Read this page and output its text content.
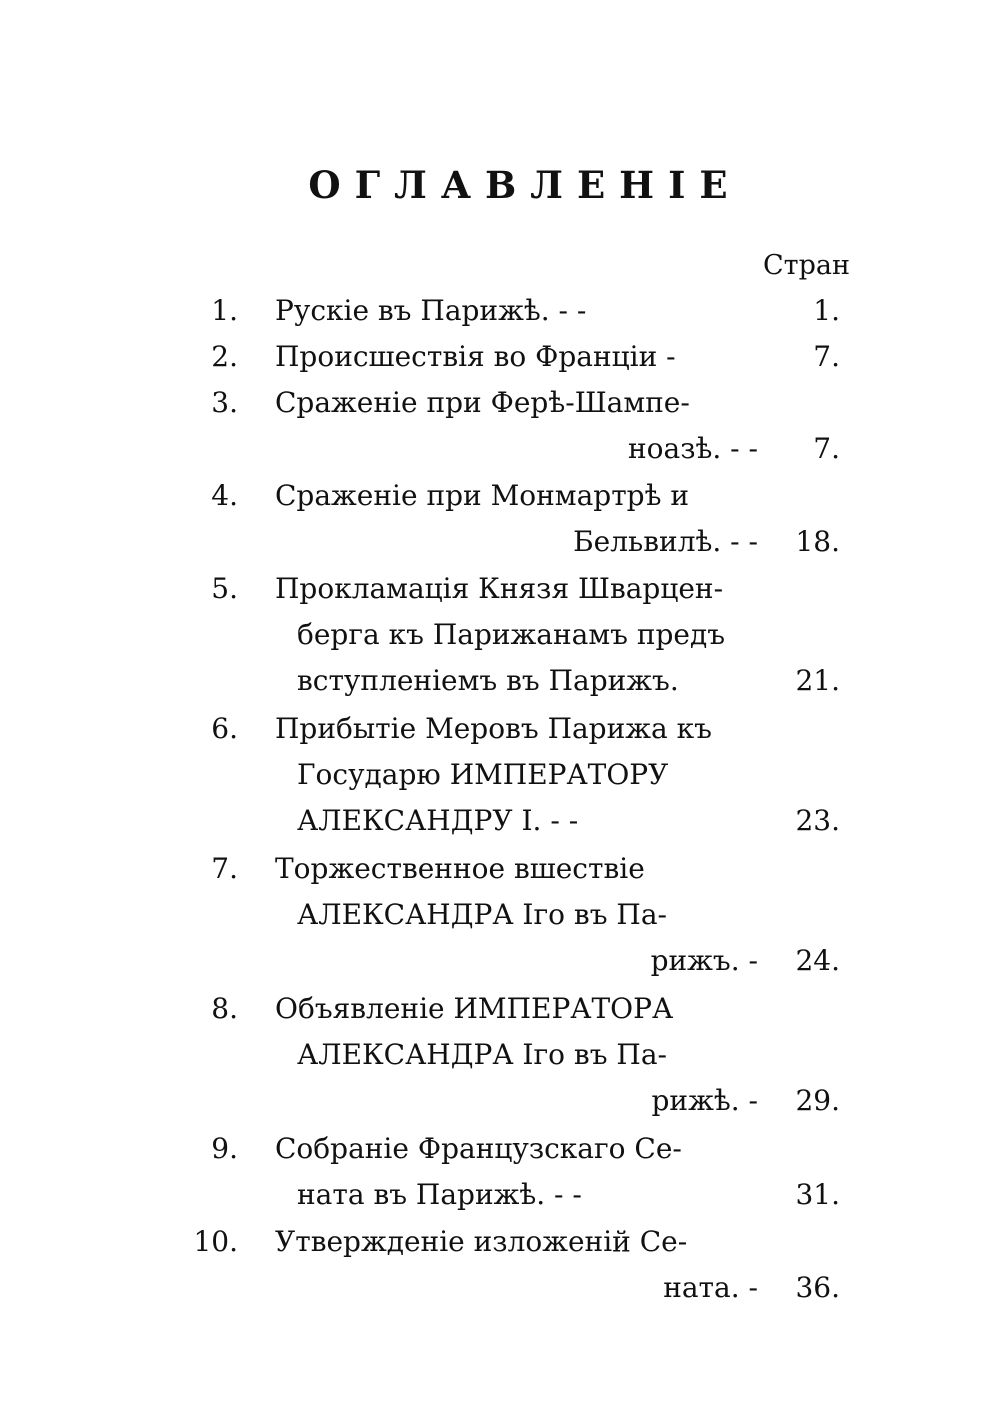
ОГЛАВЛЕНІЕ
Стран
1. Рускіе въ Парижѣ. - -	1.
2. Происшествія во Франціи -	7.
3. Сраженіе при Ферѣ-Шампе-
ноазѣ. - -	7.
4. Сраженіе при Монмартрѣ и
Бельвилѣ. - - 18.
5. Прокламація Князя Шварцен-
берга къ Парижанамъ предъ
вступленіемъ въ Парижъ.	21.
6. Прибытіе Меровъ Парижа къ
Государю ИМПЕРАТОРУ
АЛЕКСАНДРУ I. - -	23.
7. Торжественное вшествіе
АЛЕКСАНДРА Iго въ Па-
рижъ. - 24.
8. Объявленіе ИМПЕРАТОРА
АЛЕКСАНДРА Iго въ Па-
рижѣ. - 29.
9. Собраніе Французскаго Се-
ната въ Парижѣ. - -	31.
10. Утвержденіе изложеній Се-
ната. - 36.
